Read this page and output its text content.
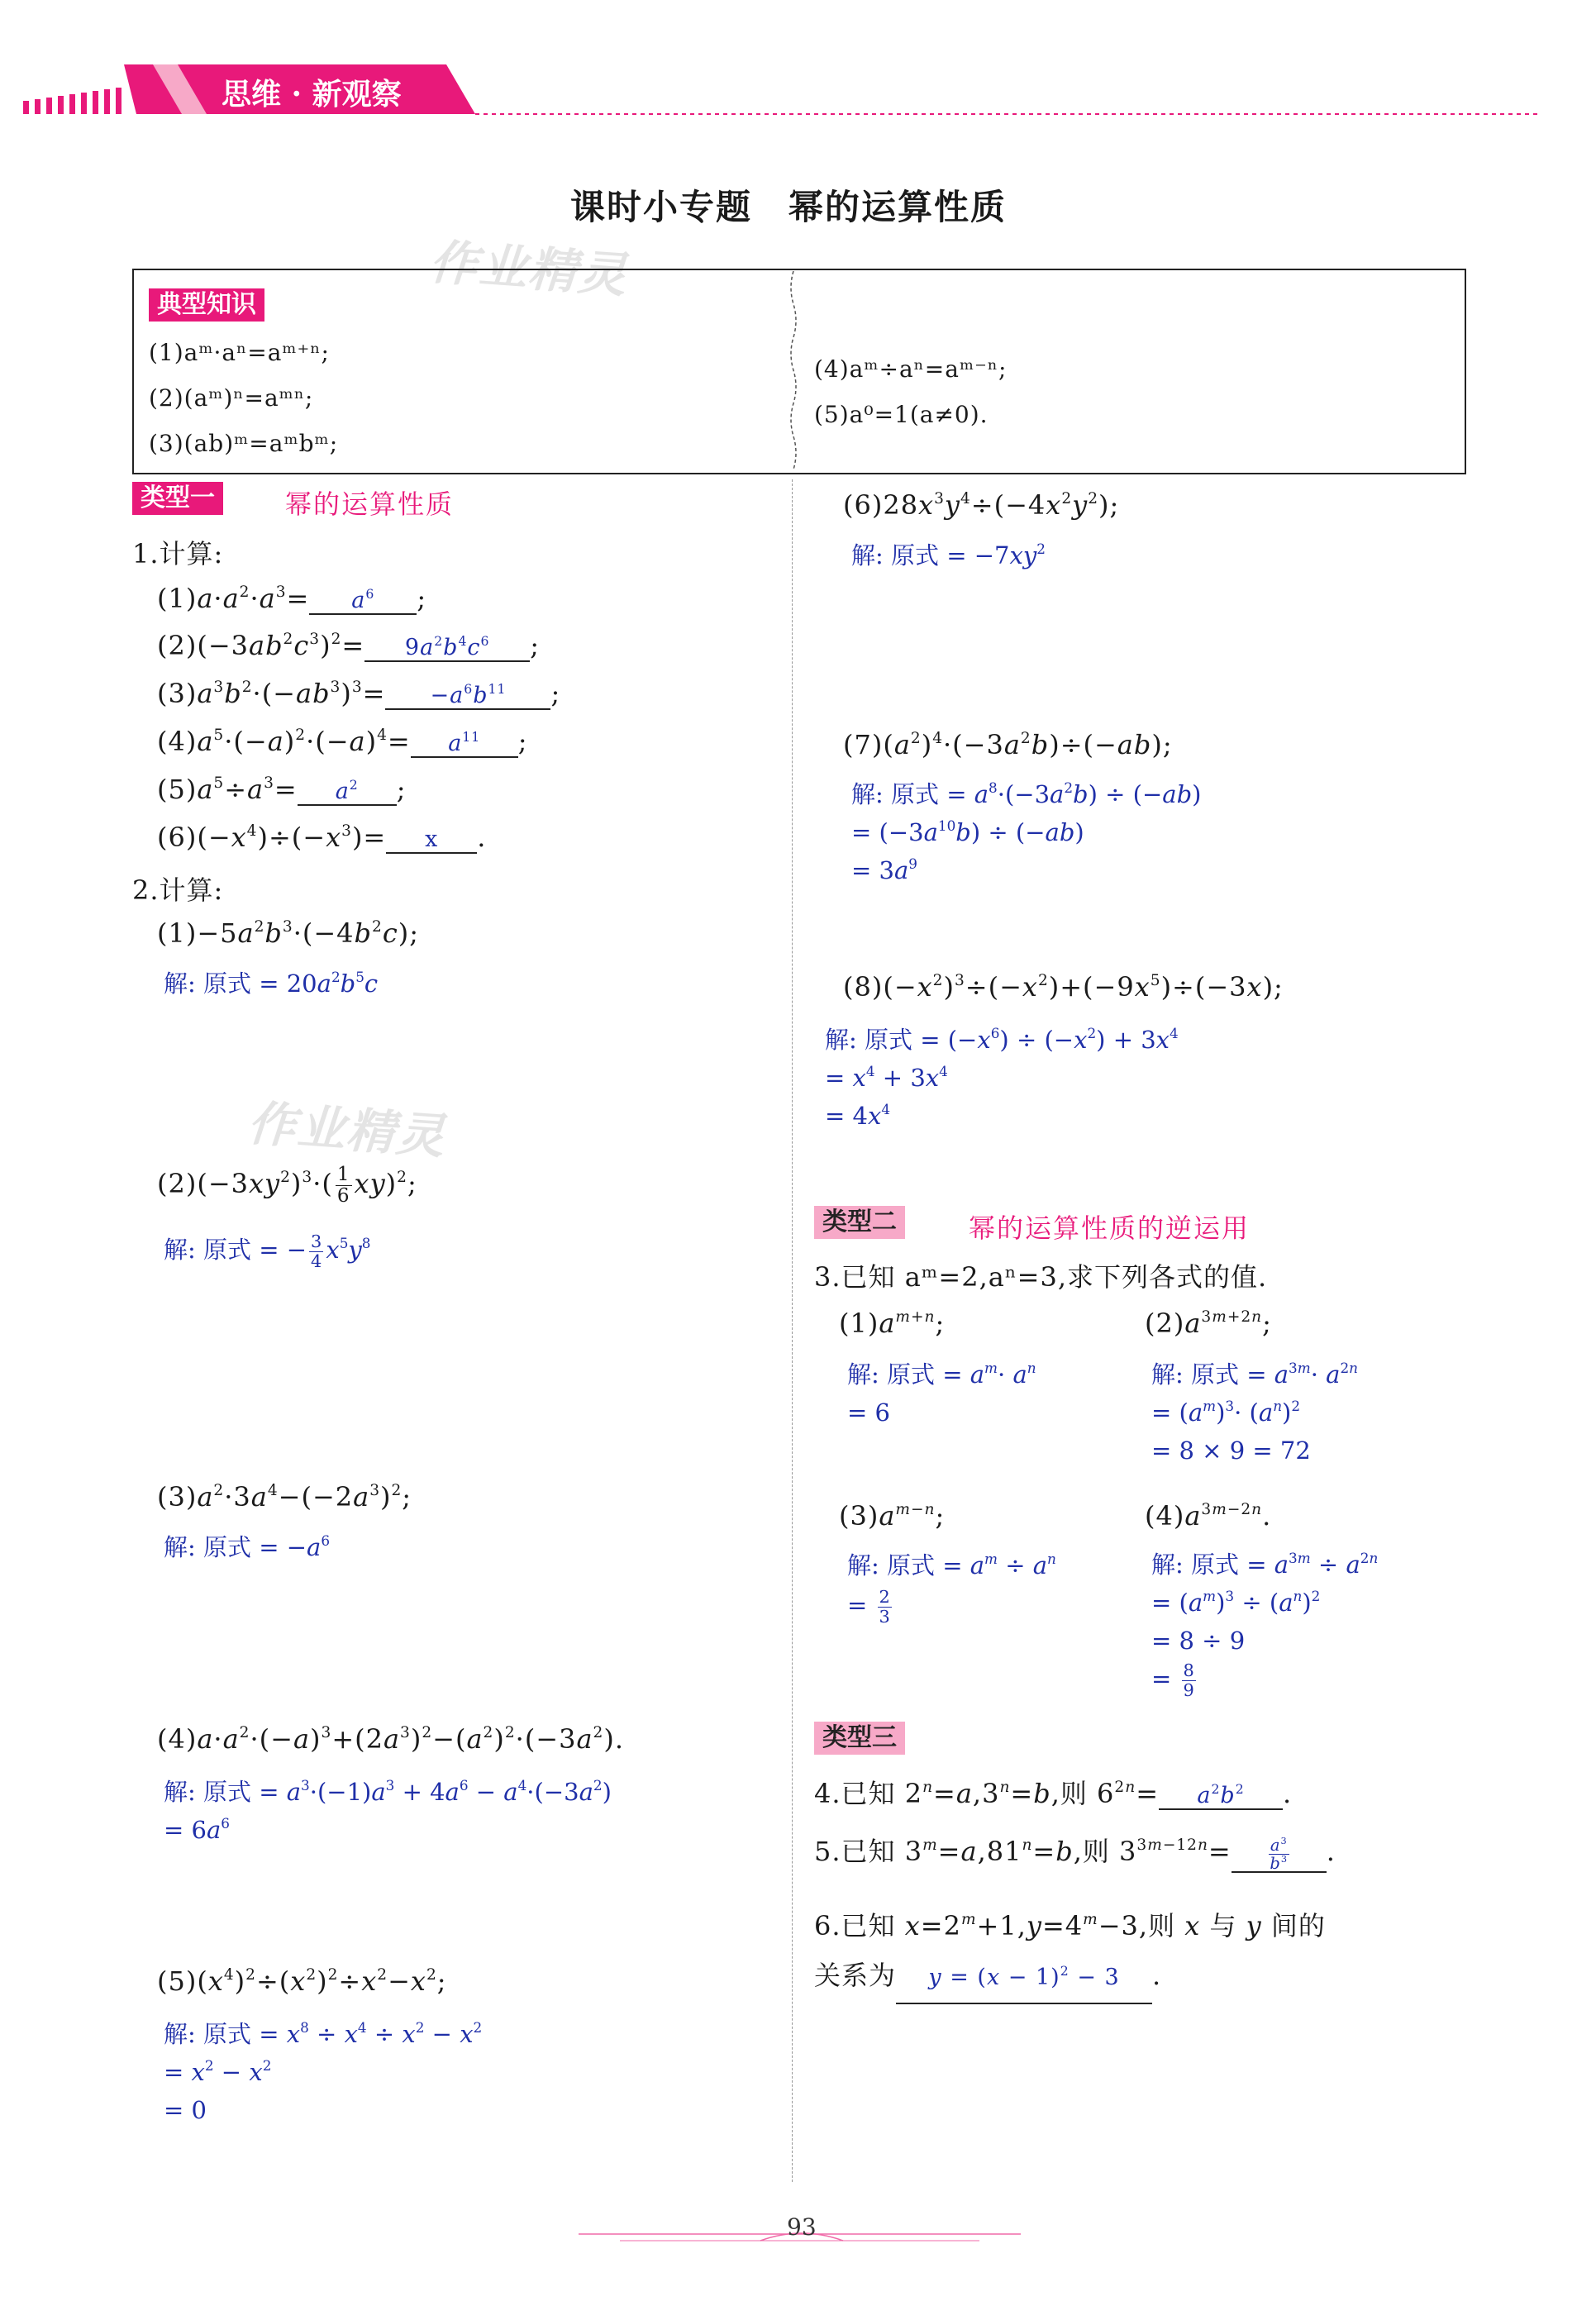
思维 · 新观察
课时小专题　幂的运算性质
作业精灵
作业精灵
典型知识
(1)aᵐ·aⁿ=aᵐ⁺ⁿ;
(2)(aᵐ)ⁿ=aᵐⁿ;
(3)(ab)ᵐ=aᵐbᵐ;
(4)aᵐ÷aⁿ=aᵐ⁻ⁿ;
(5)a⁰=1(a≠0).
类型一	幂的运算性质
1.计算:
$(1)a\cdot a^2\cdot a^3= a^6$ ;
$(2)(-3ab^2c^3)^2= 9a^2b^4c^6$ ;
$(3)a^3b^2\cdot(-ab^3)^3= -a^6b^{11}$ ;
$(4)a^5\cdot(-a)^2\cdot(-a)^4= a^{11}$ ;
$(5)a^5\div a^3= a^2$ ;
$(6)(-x^4)\div(-x^3)= x$ .
2.计算:
$(1)-5a^2b^3\cdot(-4b^2c)$;
解: 原式 = $20a^2b^5c$
$(2)(-3xy^2)^3\cdot( \frac{1}{6} xy)^2$;
解: 原式 = − $\frac{3}{4} x^5y^8$
$(3)a^2\cdot 3a^4-(-2a^3)^2$;
解: 原式 = $-a^6$
$(4)a\cdot a^2\cdot(-a)^3+(2a^3)^2-(a^2)^2\cdot(-3a^2)$.
解: 原式 = $a^3\cdot(-1)a^3 + 4a^6 - a^4\cdot(-3a^2)$
= $6a^6$
$(5)(x^4)^2\div(x^2)^2\div x^2-x^2$;
解: 原式 = $x^8 \div x^4 \div x^2 - x^2$
= $x^2 - x^2$
= 0
$(6)28x^3y^4\div(-4x^2y^2)$;
解: 原式 = $-7xy^2$
$(7)(a^2)^4\cdot(-3a^2b)\div(-ab)$;
解: 原式 = $a^8\cdot(-3a^2b) \div (-ab)$
= $(-3a^{10}b) \div (-ab)$
= $3a^9$
$(8)(-x^2)^3\div(-x^2)+(-9x^5)\div(-3x)$;
解: 原式 = $(-x^6) \div (-x^2) + 3x^4$
= $x^4 + 3x^4$
= $4x^4$
类型二	幂的运算性质的逆运用
3.已知 aᵐ=2,aⁿ=3,求下列各式的值.
$(1)a^{m+n}$;
解: 原式 = $a^m\cdot a^n$
= 6
$(2)a^{3m+2n}$;
解: 原式 = $a^{3m}\cdot a^{2n}$
= $(a^m)^3\cdot (a^n)^2$
= 8 × 9 = 72
$(3)a^{m-n}$;
解: 原式 = $a^m \div a^n$
= $\frac{2}{3}$
$(4)a^{3m-2n}$.
解: 原式 = $a^{3m} \div a^{2n}$
= $(a^m)^3 \div (a^n)^2$
= 8 ÷ 9
= $\frac{8}{9}$
类型三
4.已知 $2^n=a,3^n=b$,则 $6^{2n}= a^2b^2$ .
5.已知 $3^m=a,81^n=b$,则 $3^{3m-12n}= \frac{a^3}{b^3}$ .
6.已知 $x=2^m+1,y=4^m-3$,则 x 与 y 间的
关系为 $y = (x - 1)^2 - 3$ .
93
